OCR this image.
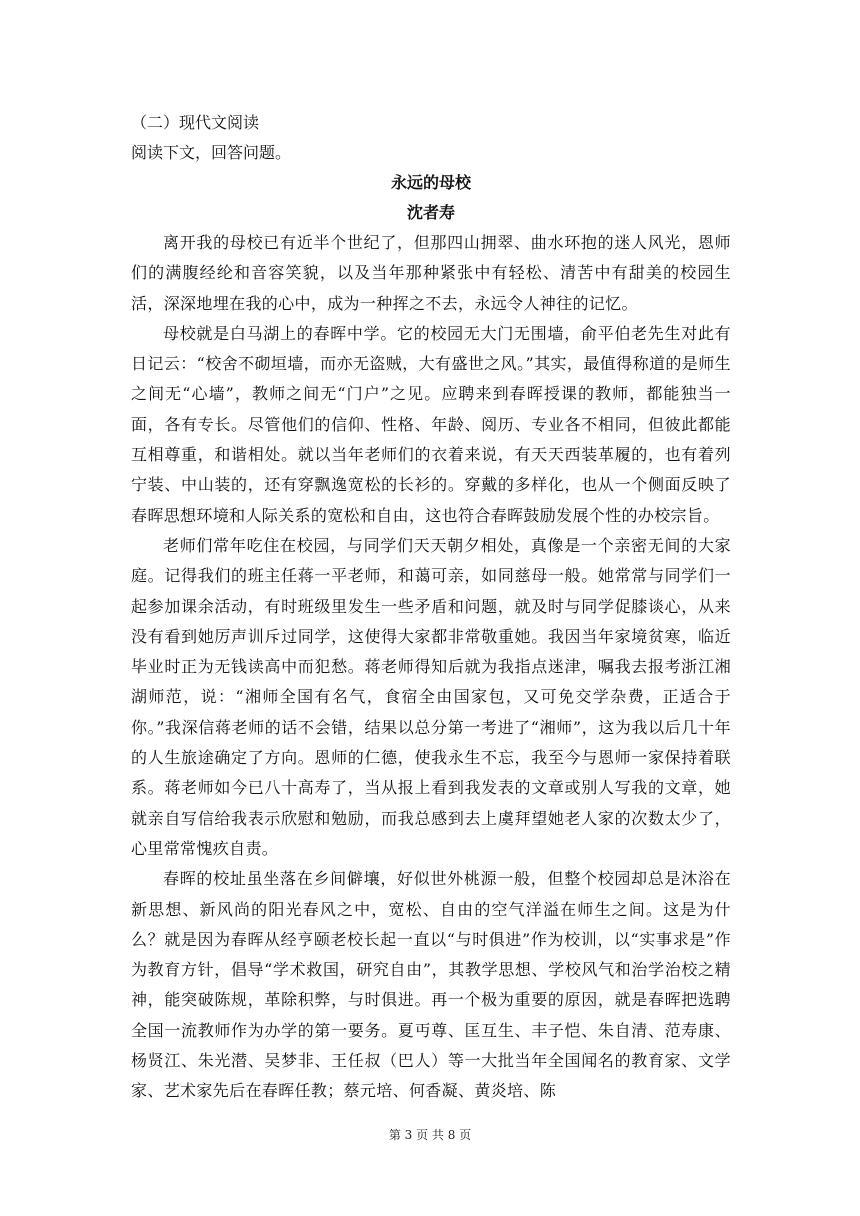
（二）现代文阅读

阅读下文，回答问题。

永远的母校

沈者寿

离开我的母校已有近半个世纪了，但那四山拥翠、曲水环抱的迷人风光，恩师们的满腹经纶和音容笑貌，以及当年那种紧张中有轻松、清苦中有甜美的校园生活，深深地埋在我的心中，成为一种挥之不去，永远令人神往的记忆。

母校就是白马湖上的春晖中学。它的校园无大门无围墙，俞平伯老先生对此有日记云：“校舍不砌垣墙，而亦无盗贼，大有盛世之风。”其实，最值得称道的是师生之间无“心墙”，教师之间无“门户”之见。应聘来到春晖授课的教师，都能独当一面，各有专长。尽管他们的信仰、性格、年龄、阅历、专业各不相同，但彼此都能互相尊重，和谐相处。就以当年老师们的衣着来说，有天天西装革履的，也有着列宁装、中山装的，还有穿飘逸宽松的长衫的。穿戴的多样化，也从一个侧面反映了春晖思想环境和人际关系的宽松和自由，这也符合春晖鼓励发展个性的办校宗旨。

老师们常年吃住在校园，与同学们天天朝夕相处，真像是一个亲密无间的大家庭。记得我们的班主任蒋一平老师，和蔼可亲，如同慈母一般。她常常与同学们一起参加课余活动，有时班级里发生一些矛盾和问题，就及时与同学促膝谈心，从来没有看到她厉声训斥过同学，这使得大家都非常敬重她。我因当年家境贫寒，临近毕业时正为无钱读高中而犯愁。蒋老师得知后就为我指点迷津，嘱我去报考浙江湘湖师范，说：“湘师全国有名气，食宿全由国家包，又可免交学杂费，正适合于你。”我深信蒋老师的话不会错，结果以总分第一考进了“湘师”，这为我以后几十年的人生旅途确定了方向。恩师的仁德，使我永生不忘，我至今与恩师一家保持着联系。蒋老师如今已八十高寿了，当从报上看到我发表的文章或别人写我的文章，她就亲自写信给我表示欣慰和勉励，而我总感到去上虞拜望她老人家的次数太少了，心里常常愧疚自责。

春晖的校址虽坐落在乡间僻壤，好似世外桃源一般，但整个校园却总是沐浴在新思想、新风尚的阳光春风之中，宽松、自由的空气洋溢在师生之间。这是为什么？就是因为春晖从经亨颐老校长起一直以“与时俱进”作为校训，以“实事求是”作为教育方针，倡导“学术救国，研究自由”，其教学思想、学校风气和治学治校之精神，能突破陈规，革除积弊，与时俱进。再一个极为重要的原因，就是春晖把选聘全国一流教师作为办学的第一要务。夏丏尊、匡互生、丰子恺、朱自清、范寿康、杨贤江、朱光潜、吴梦非、王任叔（巴人）等一大批当年全国闻名的教育家、文学家、艺术家先后在春晖任教；蔡元培、何香凝、黄炎培、陈

第 3 页 共 8 页
